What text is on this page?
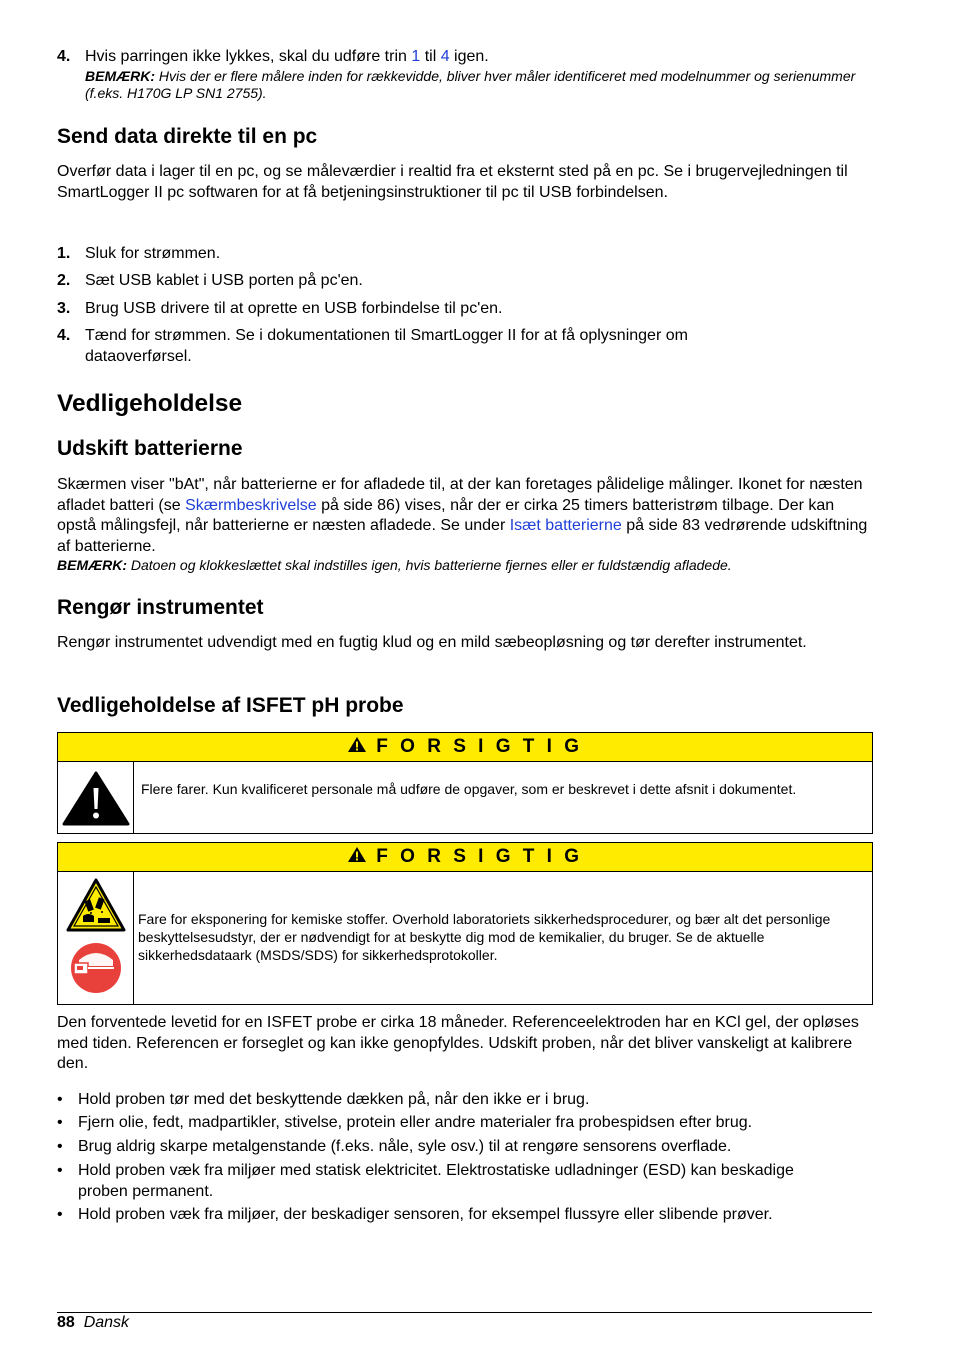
4. Hvis parringen ikke lykkes, skal du udføre trin 1 til 4 igen.
BEMÆRK: Hvis der er flere målere inden for rækkevidde, bliver hver måler identificeret med modelnummer og serienummer (f.eks. H170G LP SN1 2755).
Send data direkte til en pc
Overfør data i lager til en pc, og se måleværdier i realtid fra et eksternt sted på en pc. Se i brugervejledningen til SmartLogger II pc softwaren for at få betjeningsinstruktioner til pc til USB forbindelsen.
1. Sluk for strømmen.
2. Sæt USB kablet i USB porten på pc'en.
3. Brug USB drivere til at oprette en USB forbindelse til pc'en.
4. Tænd for strømmen. Se i dokumentationen til SmartLogger II for at få oplysninger om dataoverførsel.
Vedligeholdelse
Udskift batterierne
Skærmen viser "bAt", når batterierne er for afladede til, at der kan foretages pålidelige målinger. Ikonet for næsten afladet batteri (se Skærmbeskrivelse på side 86) vises, når der er cirka 25 timers batteristrøm tilbage. Der kan opstå målingsfejl, når batterierne er næsten afladede. Se under Isæt batterierne på side 83 vedrørende udskiftning af batterierne.
BEMÆRK: Datoen og klokkeslættet skal indstilles igen, hvis batterierne fjernes eller er fuldstændig afladede.
Rengør instrumentet
Rengør instrumentet udvendigt med en fugtig klud og en mild sæbeopløsning og tør derefter instrumentet.
Vedligeholdelse af ISFET pH probe
F O R S I G T I G
Flere farer. Kun kvalificeret personale må udføre de opgaver, som er beskrevet i dette afsnit i dokumentet.
F O R S I G T I G
Fare for eksponering for kemiske stoffer. Overhold laboratoriets sikkerhedsprocedurer, og bær alt det personlige beskyttelsesudstyr, der er nødvendigt for at beskytte dig mod de kemikalier, du bruger. Se de aktuelle sikkerhedsdataark (MSDS/SDS) for sikkerhedsprotokoller.
Den forventede levetid for en ISFET probe er cirka 18 måneder. Referenceelektroden har en KCl gel, der opløses med tiden. Referencen er forseglet og kan ikke genopfyldes. Udskift proben, når det bliver vanskeligt at kalibrere den.
• Hold proben tør med det beskyttende dækken på, når den ikke er i brug.
• Fjern olie, fedt, madpartikler, stivelse, protein eller andre materialer fra probespidsen efter brug.
• Brug aldrig skarpe metalgenstande (f.eks. nåle, syle osv.) til at rengøre sensorens overflade.
• Hold proben væk fra miljøer med statisk elektricitet. Elektrostatiske udladninger (ESD) kan beskadige proben permanent.
• Hold proben væk fra miljøer, der beskadiger sensoren, for eksempel flussyre eller slibende prøver.
88 Dansk
